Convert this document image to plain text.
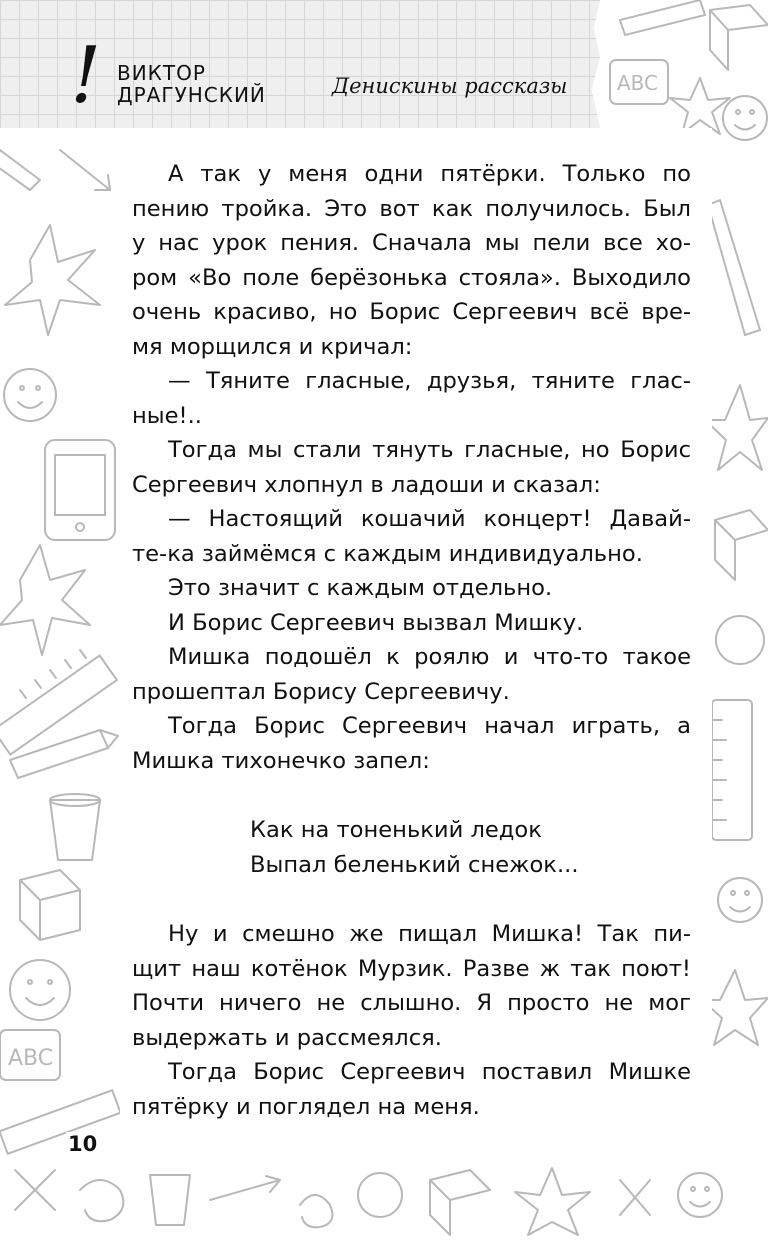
ABC
ABC
! ВИКТОР
ДРАГУНСКИЙ	Денискины рассказы

А так у меня одни пятёрки. Только по

пению тройка. Это вот как получилось. Был

у нас урок пения. Сначала мы пели все хо-

ром «Во поле берёзонька стояла». Выходило

очень красиво, но Борис Сергеевич всё вре-

мя морщился и кричал:

— Тяните гласные, друзья, тяните глас-

ные!..

Тогда мы стали тянуть гласные, но Борис

Сергеевич хлопнул в ладоши и сказал:

— Настоящий кошачий концерт! Давай-

те-ка займёмся с каждым индивидуально.

Это значит с каждым отдельно.

И Борис Сергеевич вызвал Мишку.

Мишка подошёл к роялю и что-то такое

прошептал Борису Сергеевичу.

Тогда Борис Сергеевич начал играть, а

Мишка тихонечко запел:

Как на тоненький ледок
Выпал беленький снежок...

Ну и смешно же пищал Мишка! Так пи-

щит наш котёнок Мурзик. Разве ж так поют!

Почти ничего не слышно. Я просто не мог

выдержать и рассмеялся.

Тогда Борис Сергеевич поставил Мишке

пятёрку и поглядел на меня.

10
